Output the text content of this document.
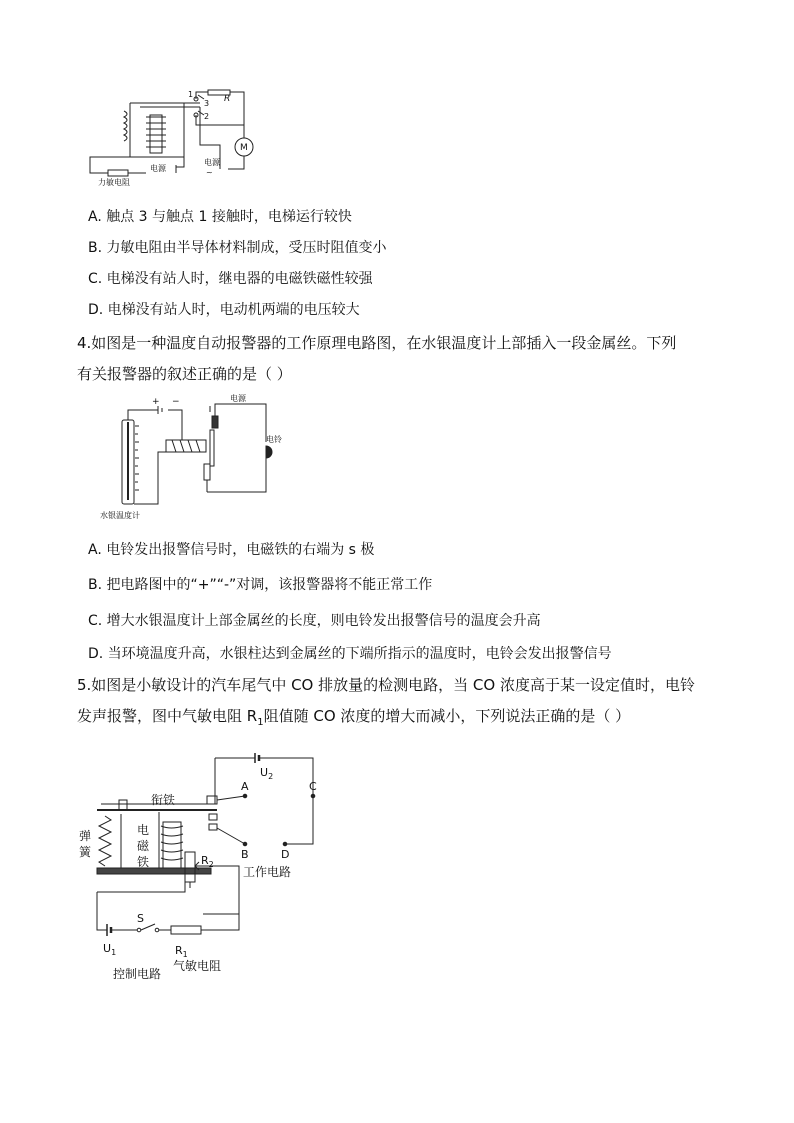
1
3
2
R
M
电源
电源
~
力敏电阻
A. 触点 3 与触点 1 接触时，电梯运行较快
B. 力敏电阻由半导体材料制成，受压时阻值变小
C. 电梯没有站人时，继电器的电磁铁磁性较强
D. 电梯没有站人时，电动机两端的电压较大
4.如图是一种温度自动报警器的工作原理电路图，在水银温度计上部插入一段金属丝。下列
有关报警器的叙述正确的是（ ）
+ −	电源
电铃
水银温度计
A. 电铃发出报警信号时，电磁铁的右端为 s 极
B. 把电路图中的“+”“-”对调，该报警器将不能正常工作
C. 增大水银温度计上部金属丝的长度，则电铃发出报警信号的温度会升高
D. 当环境温度升高，水银柱达到金属丝的下端所指示的温度时，电铃会发出报警信号
5.如图是小敏设计的汽车尾气中 CO 排放量的检测电路，当 CO 浓度高于某一设定值时，电铃
发声报警，图中气敏电阻 $R_1$阻值随 CO 浓度的增大而减小，下列说法正确的是（ ）
$U_2$
A	C
B	D
衔铁
弹
簧
电
磁
铁	$R_2$
工作电路
S
$U_1$	$R_1$
气敏电阻
控制电路
